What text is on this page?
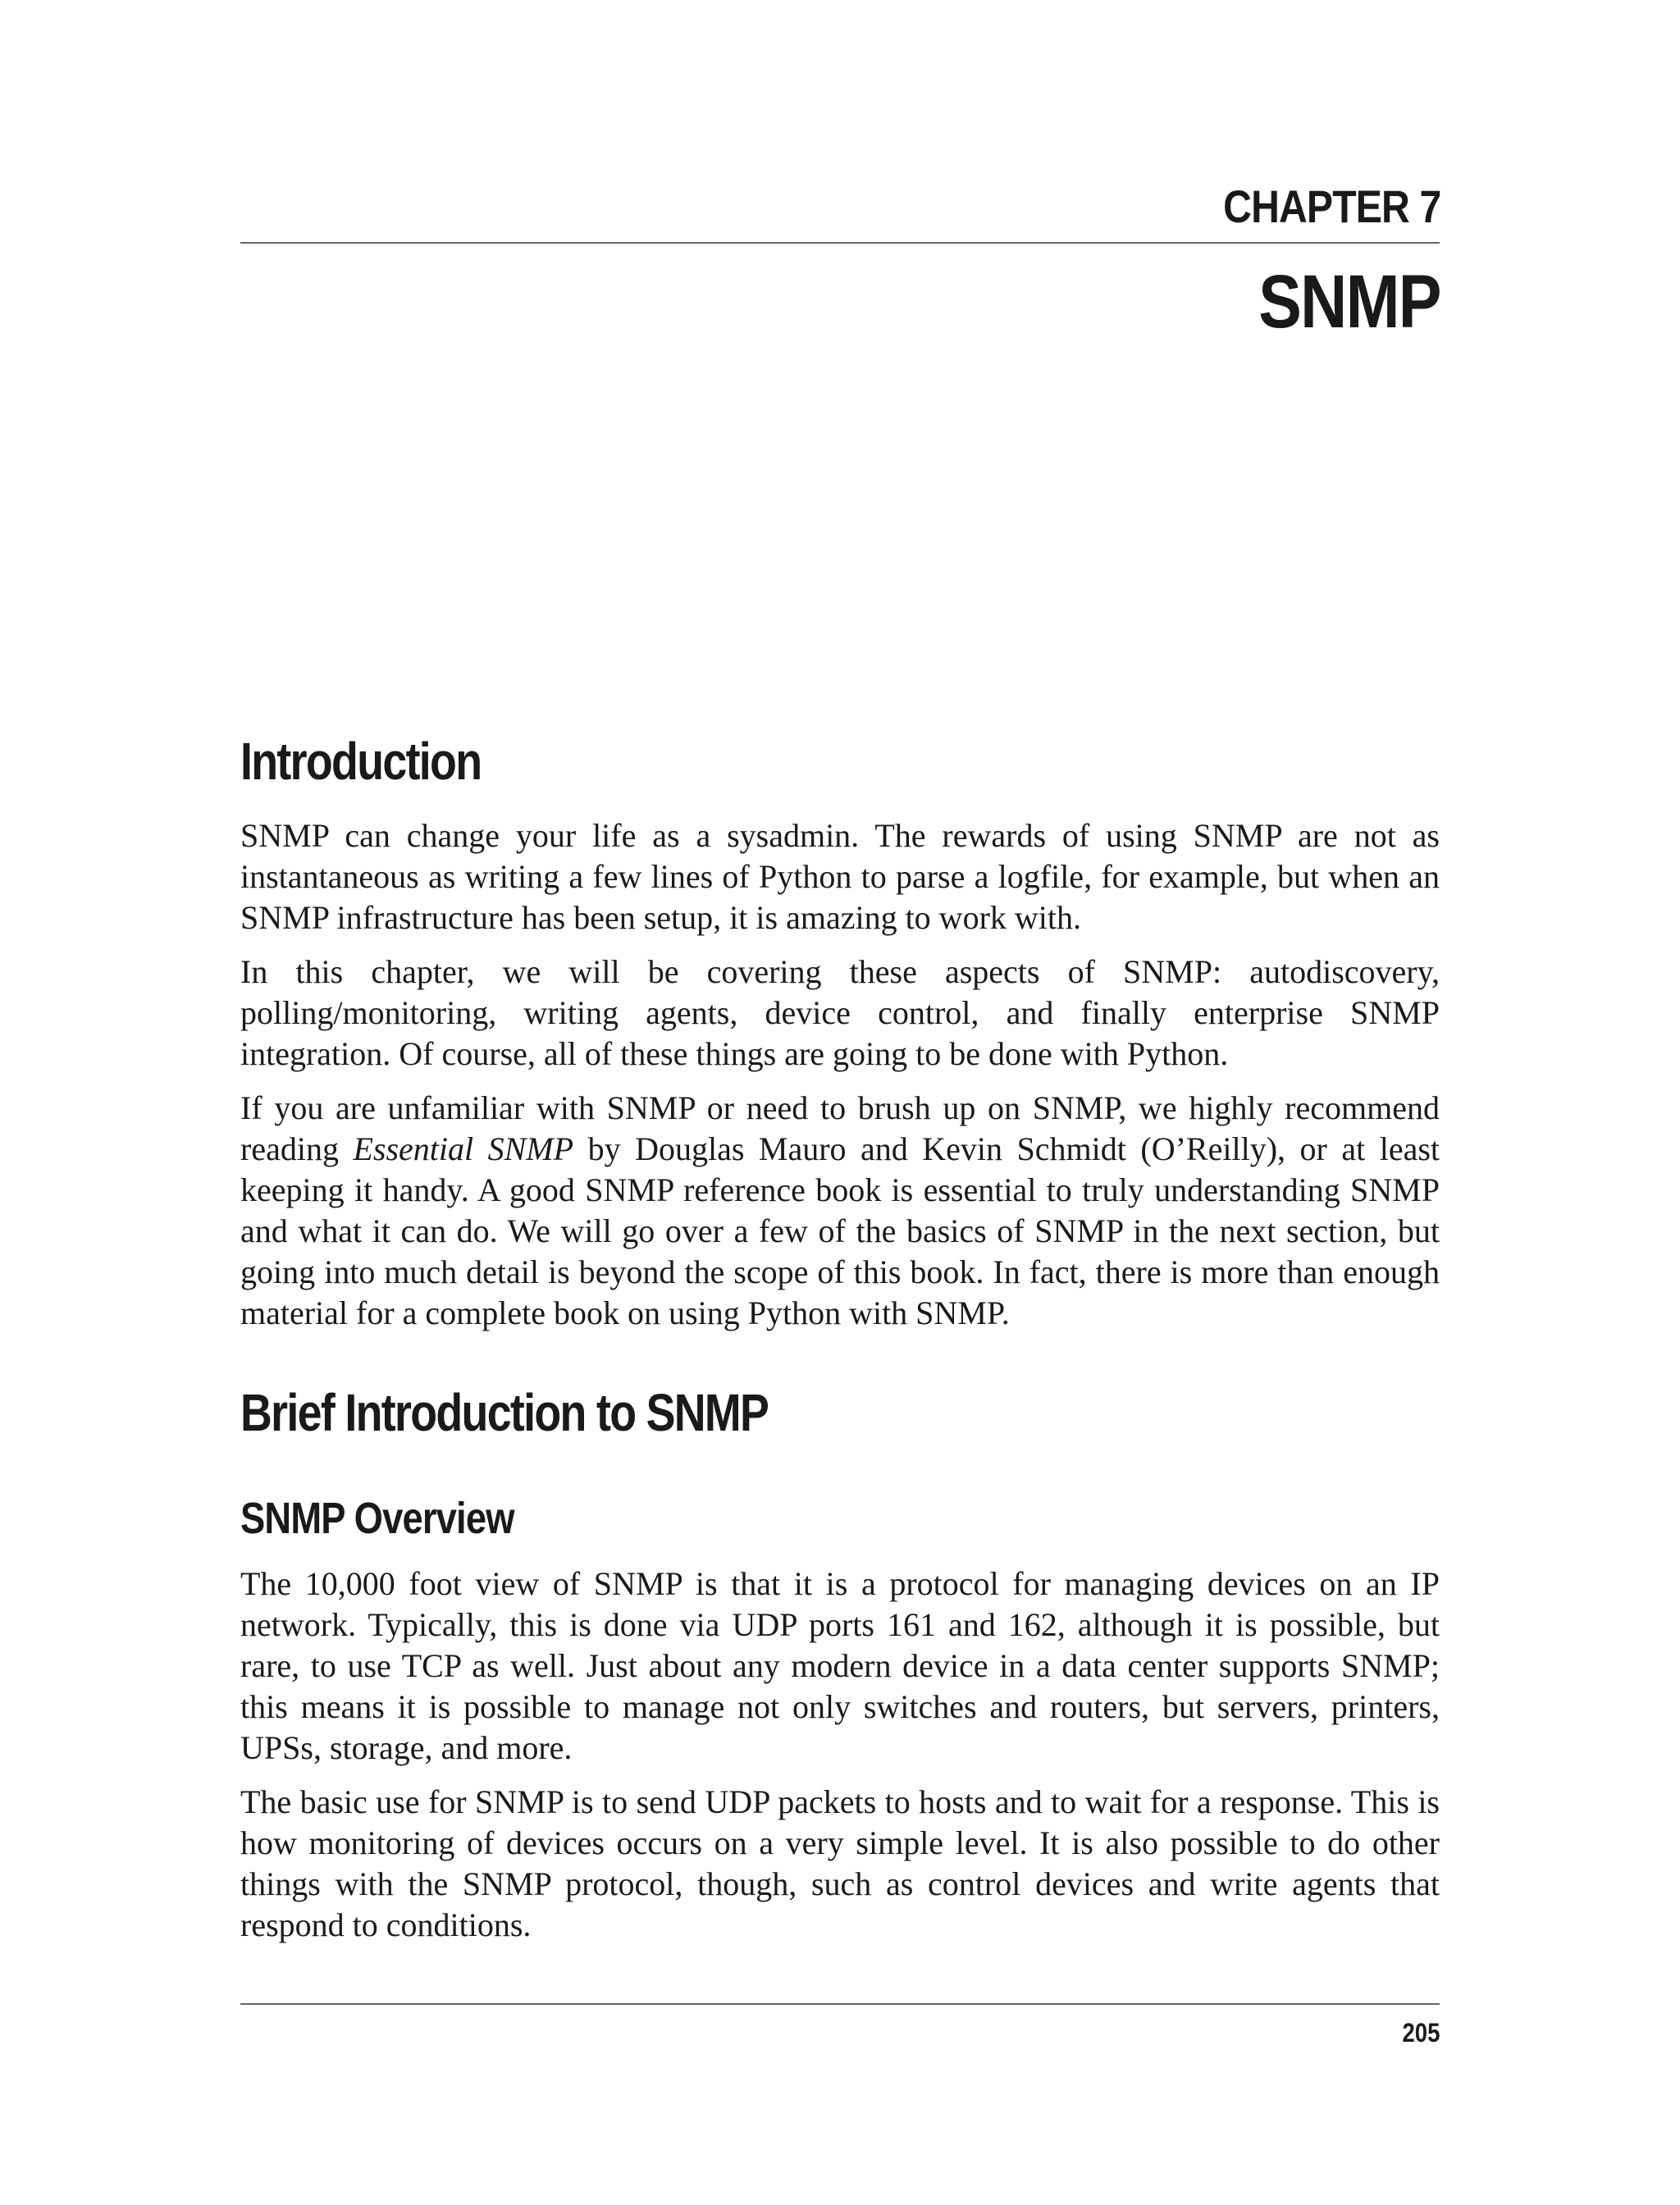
CHAPTER 7
SNMP
Introduction

SNMP can change your life as a sysadmin. The rewards of using SNMP are not as instantaneous as writing a few lines of Python to parse a logfile, for example, but when an SNMP infrastructure has been setup, it is amazing to work with.

In this chapter, we will be covering these aspects of SNMP: autodiscovery, polling/monitoring, writing agents, device control, and finally enterprise SNMP integration. Of course, all of these things are going to be done with Python.

If you are unfamiliar with SNMP or need to brush up on SNMP, we highly recommend reading Essential SNMP by Douglas Mauro and Kevin Schmidt (O’Reilly), or at least keeping it handy. A good SNMP reference book is essential to truly understanding SNMP and what it can do. We will go over a few of the basics of SNMP in the next section, but going into much detail is beyond the scope of this book. In fact, there is more than enough material for a complete book on using Python with SNMP.

Brief Introduction to SNMP
SNMP Overview

The 10,000 foot view of SNMP is that it is a protocol for managing devices on an IP network. Typically, this is done via UDP ports 161 and 162, although it is possible, but rare, to use TCP as well. Just about any modern device in a data center supports SNMP; this means it is possible to manage not only switches and routers, but servers, printers, UPSs, storage, and more.

The basic use for SNMP is to send UDP packets to hosts and to wait for a response. This is how monitoring of devices occurs on a very simple level. It is also possible to do other things with the SNMP protocol, though, such as control devices and write agents that respond to conditions.

205
